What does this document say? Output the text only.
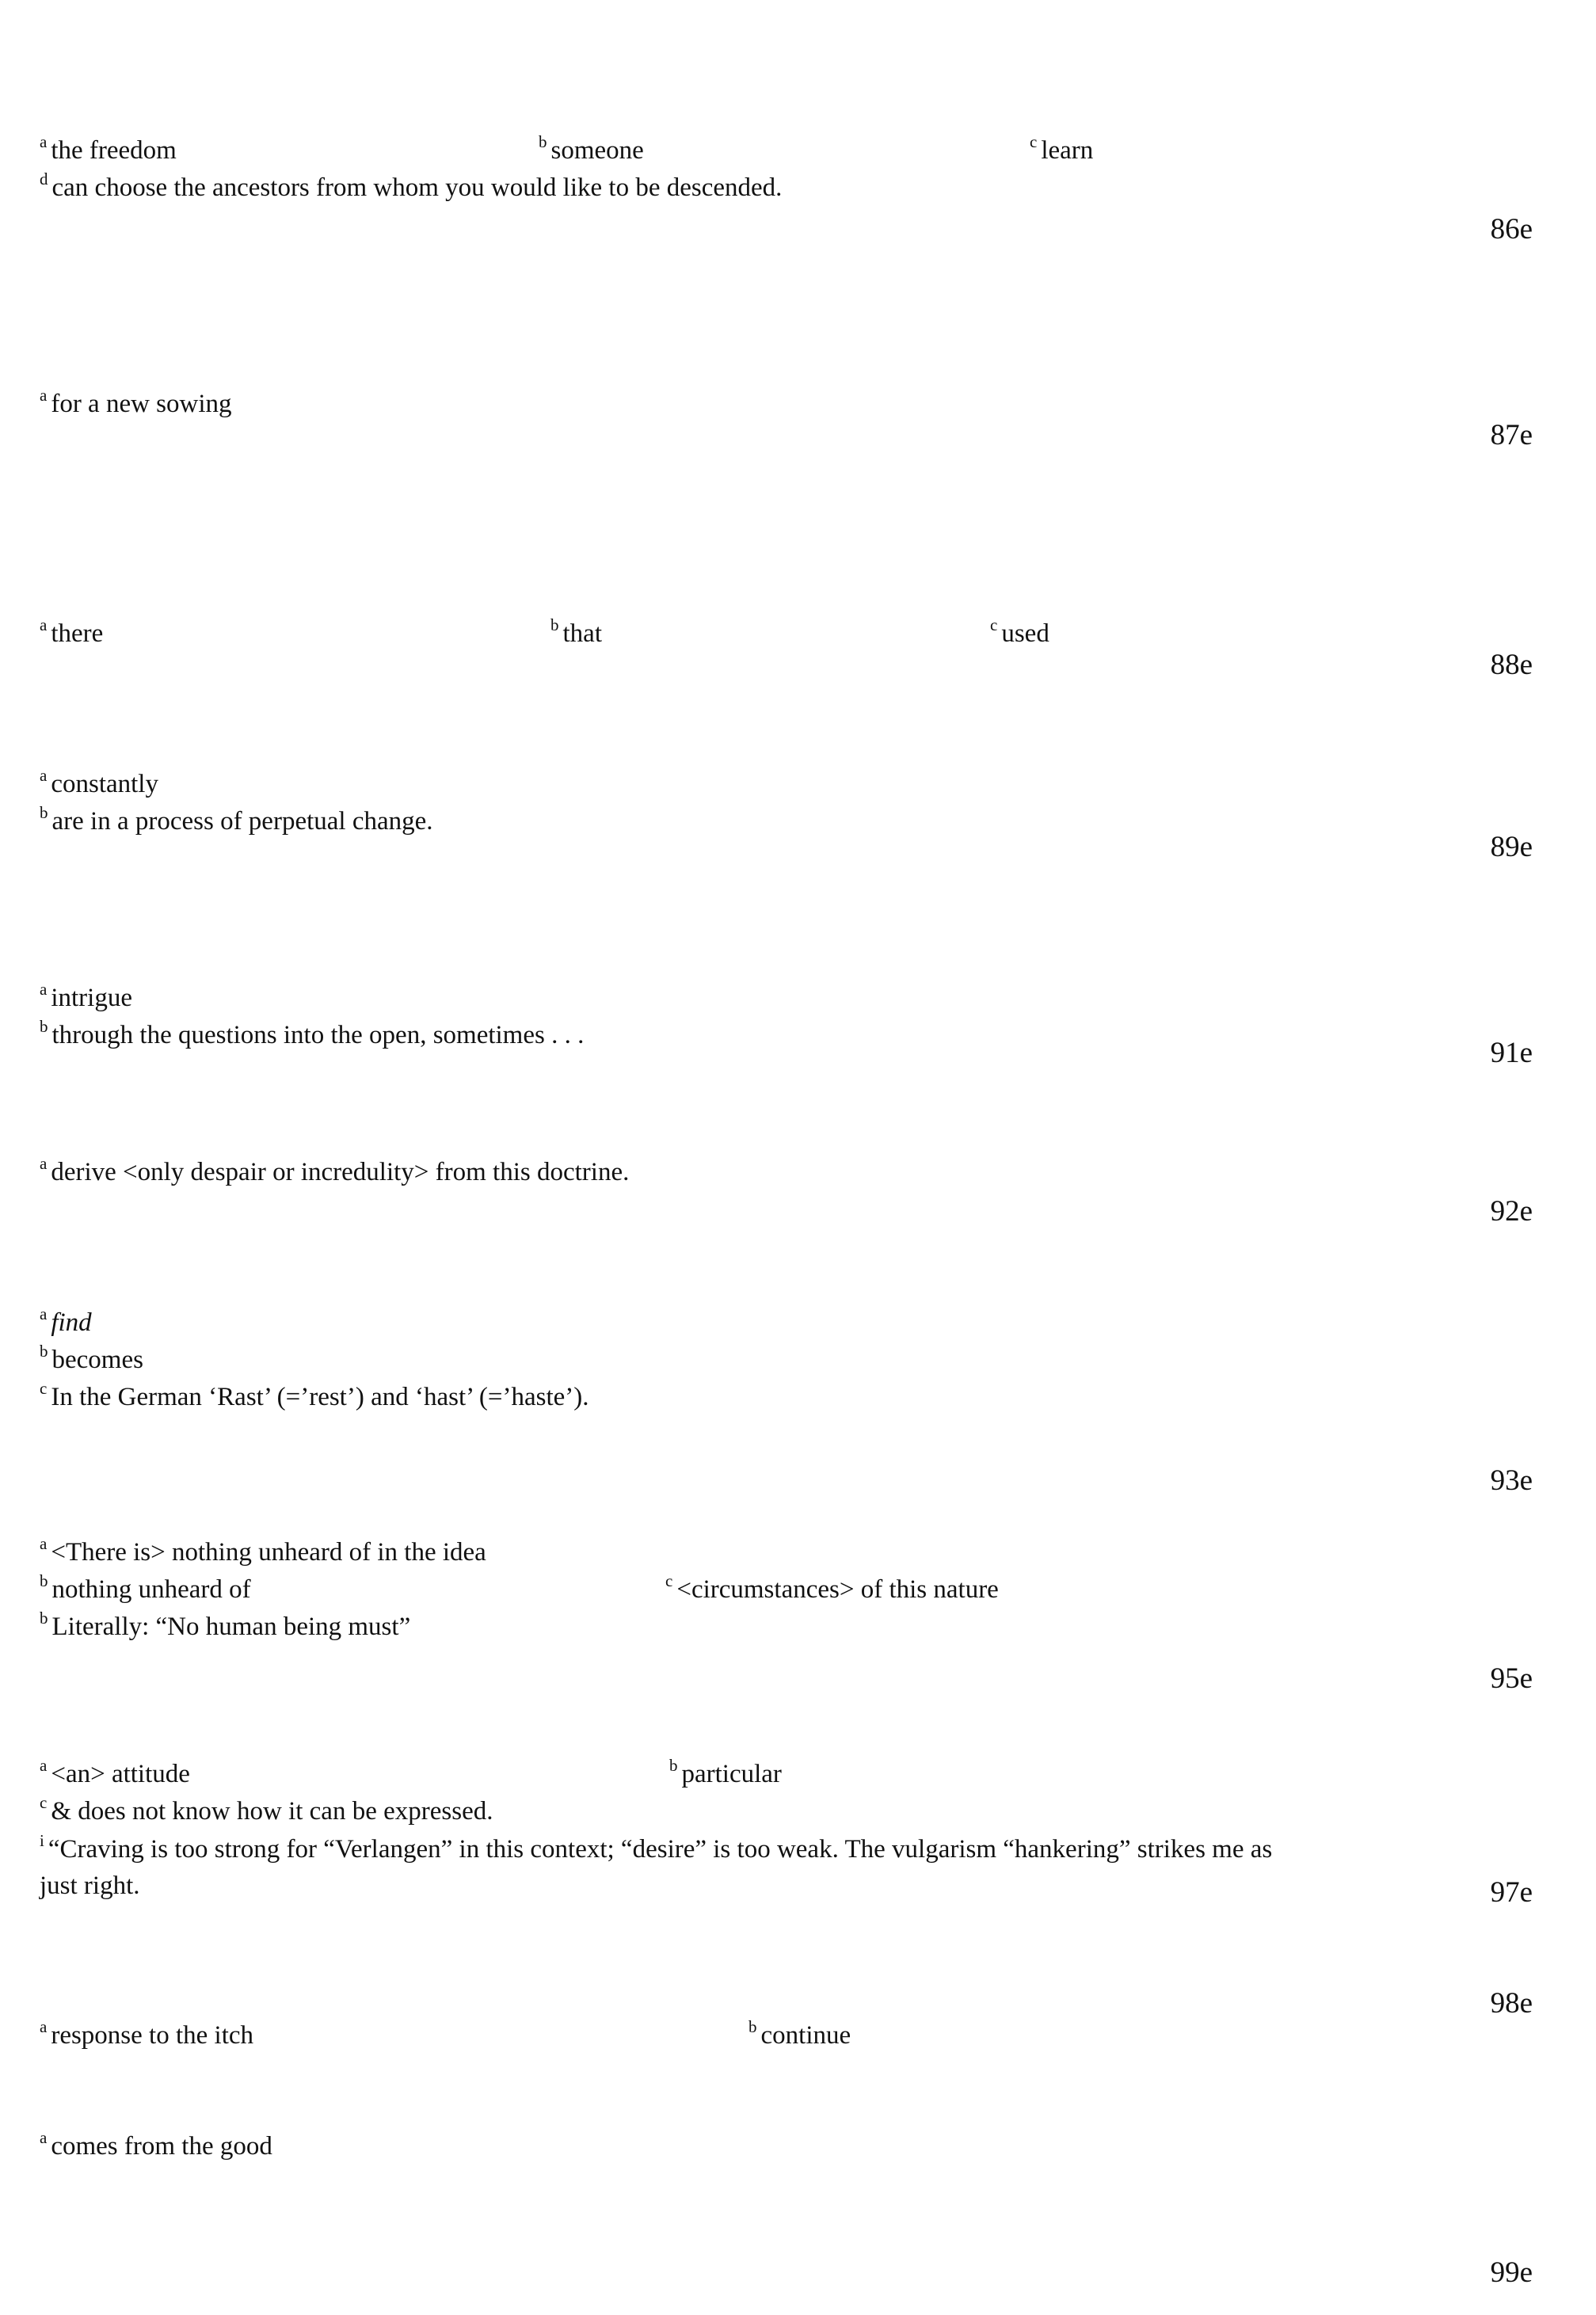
$^a$ the freedom	$^b$ someone	$^c$ learn
$^d$ can choose the ancestors from whom you would like to be descended.
86e
$^a$ for a new sowing
87e
$^a$ there	$^b$ that	$^c$ used
88e
$^a$ constantly
$^b$ are in a process of perpetual change.
89e
$^a$ intrigue
$^b$ through the questions into the open, sometimes . . .
91e
$^a$ derive <only despair or incredulity> from this doctrine.
92e
$^a$ find
$^b$ becomes
$^c$ In the German ‘Rast’ (=’rest’) and ‘hast’ (=’haste’).
93e
$^a$ <There is> nothing unheard of in the idea
$^b$ nothing unheard of	$^c$ <circumstances> of this nature
$^b$ Literally: “No human being must”
95e
$^a$ <an> attitude	$^b$ particular
$^c$ & does not know how it can be expressed.
$^i$ “Craving is too strong for “Verlangen” in this context; “desire” is too weak. The vulgarism “hankering” strikes me as just right.	97e
$^a$ response to the itch	$^b$ continue
98e
$^a$ comes from the good
99e
